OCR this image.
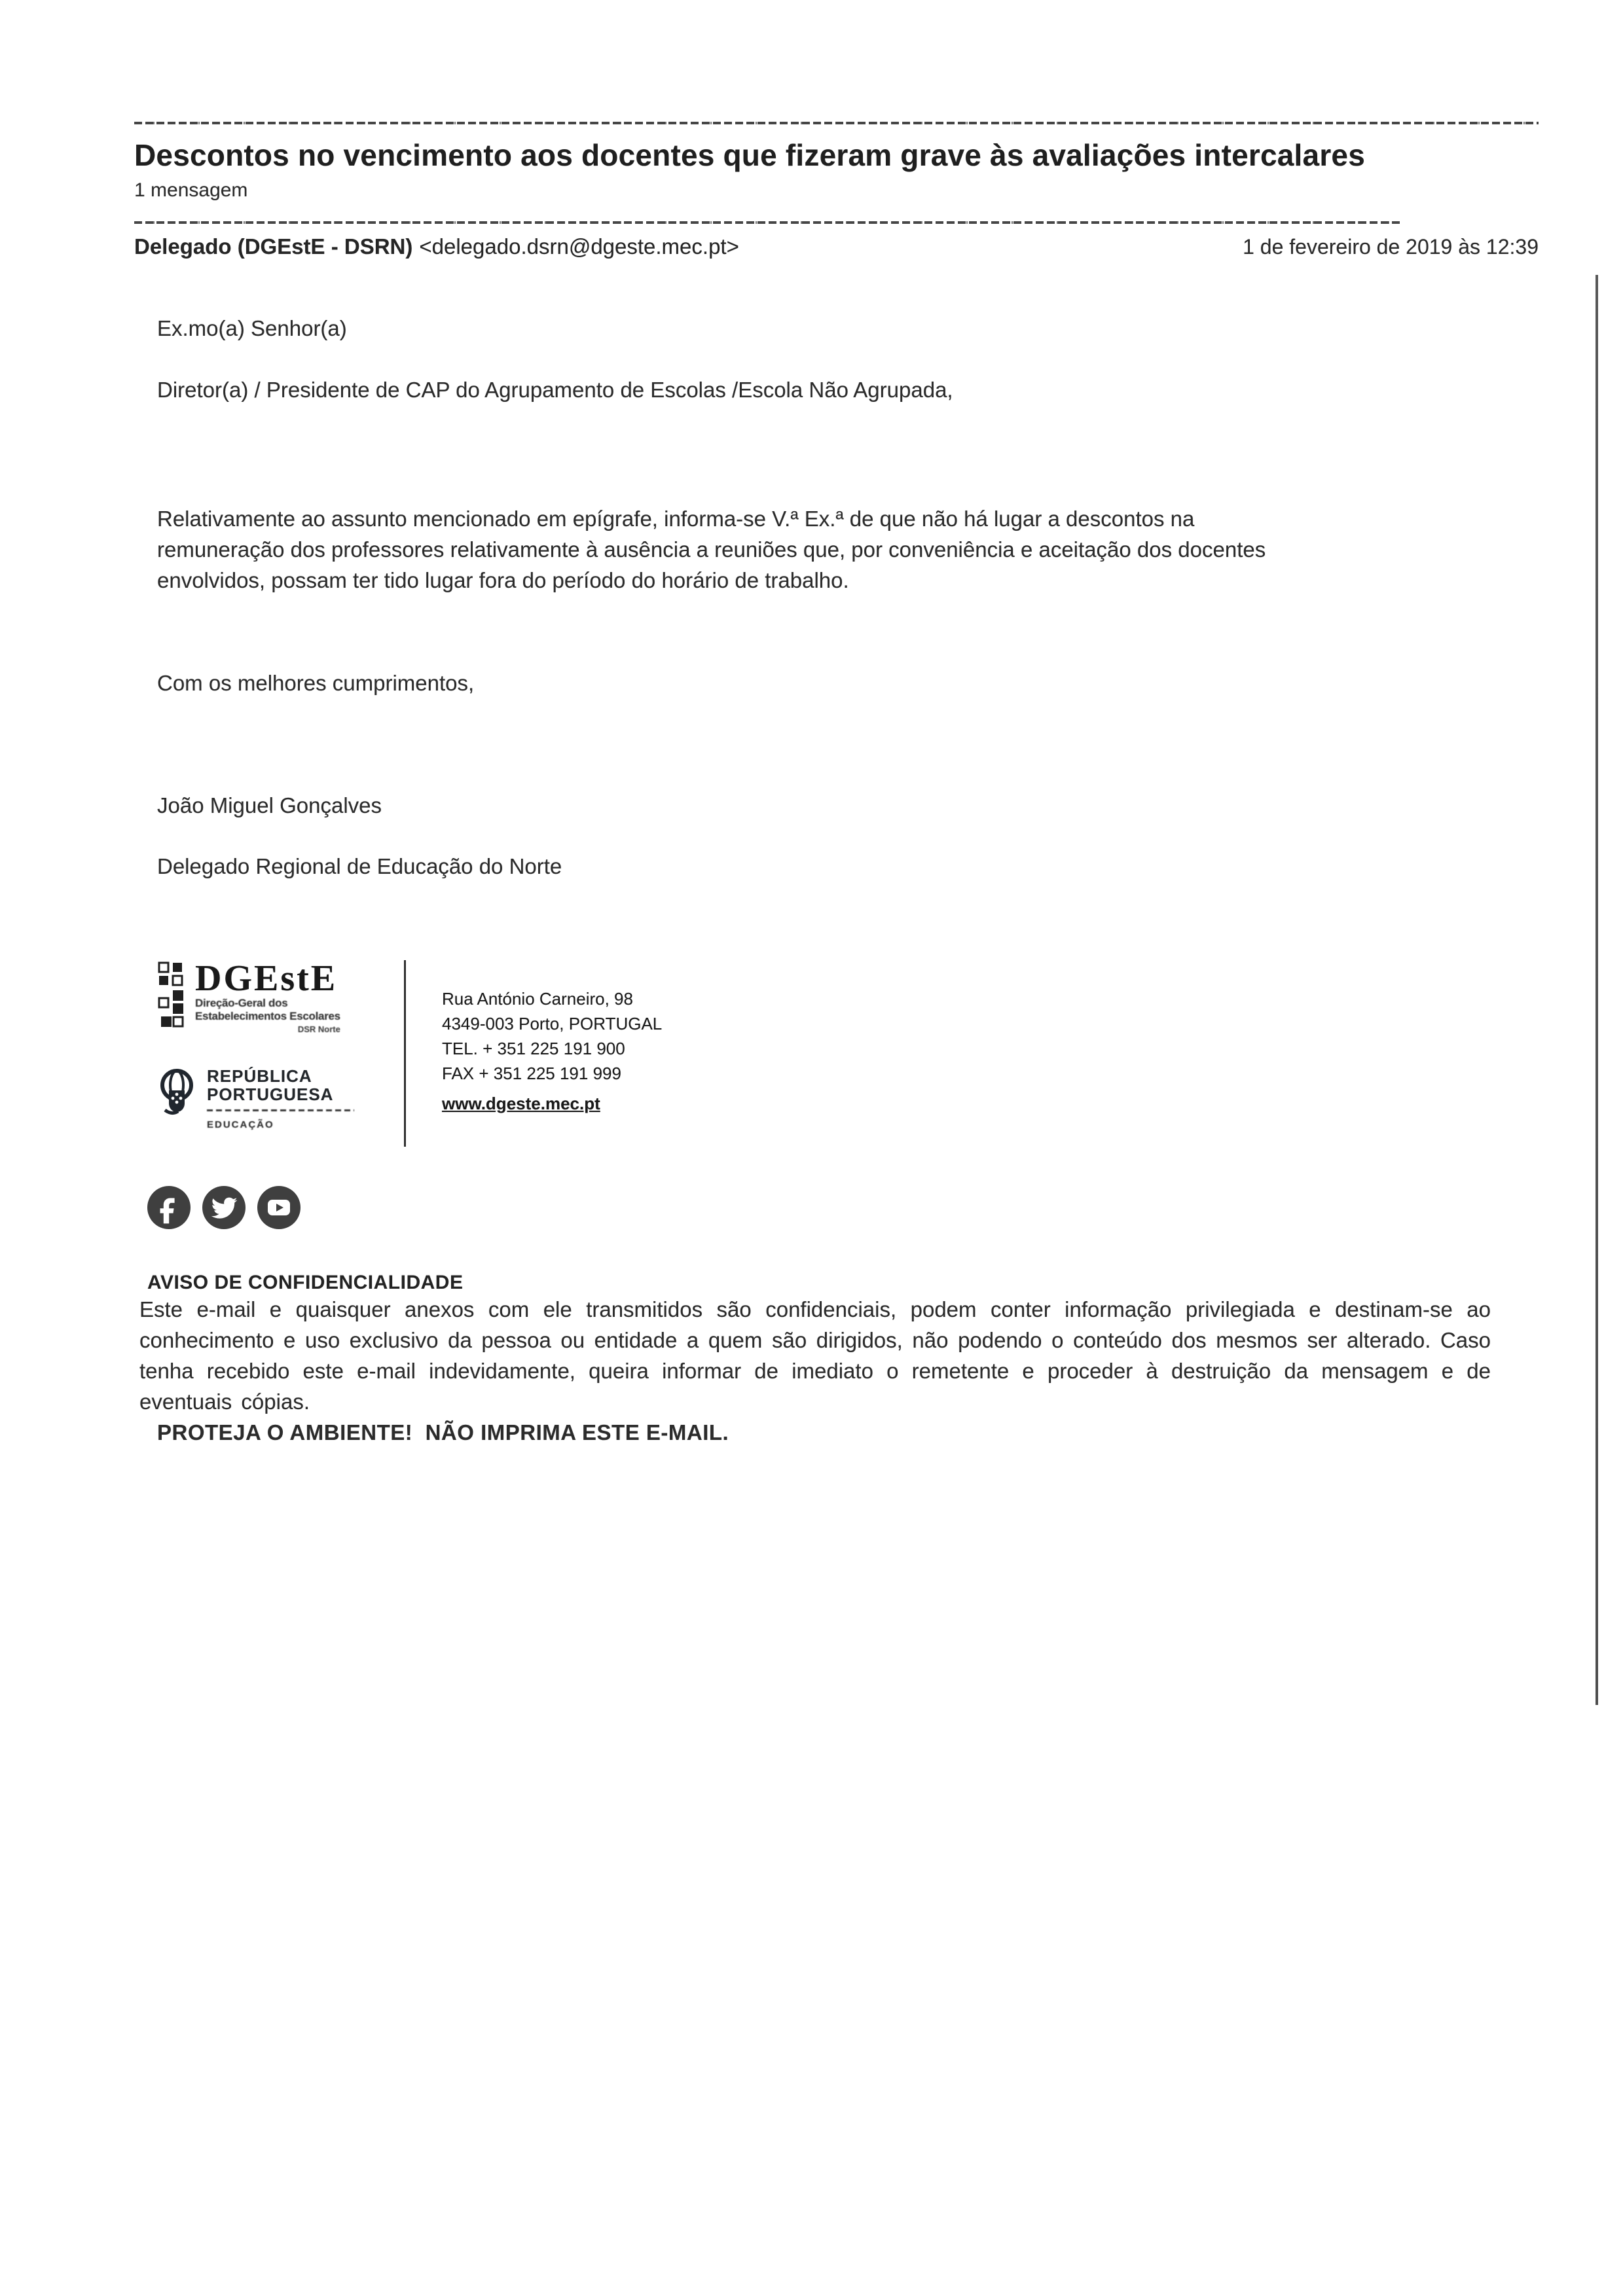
Descontos no vencimento aos docentes que fizeram grave às avaliações intercalares
1 mensagem
Delegado (DGEstE - DSRN) <delegado.dsrn@dgeste.mec.pt>	1 de fevereiro de 2019 às 12:39

Ex.mo(a) Senhor(a)

Diretor(a) / Presidente de CAP do Agrupamento de Escolas /Escola Não Agrupada,

Relativamente ao assunto mencionado em epígrafe, informa-se V.ª Ex.ª de que não há lugar a descontos na remuneração dos professores relativamente à ausência a reuniões que, por conveniência e aceitação dos docentes envolvidos, possam ter tido lugar fora do período do horário de trabalho.

Com os melhores cumprimentos,

João Miguel Gonçalves

Delegado Regional de Educação do Norte

DGEstE
Direção-Geral dos
Estabelecimentos Escolares
DSR Norte
REPÚBLICA
PORTUGUESA
EDUCAÇÃO
Rua António Carneiro, 98
4349-003 Porto, PORTUGAL
TEL. + 351 225 191 900
FAX + 351 225 191 999
www.dgeste.mec.pt
AVISO DE CONFIDENCIALIDADE

Este e-mail e quaisquer anexos com ele transmitidos são confidenciais, podem conter informação privilegiada e destinam-se ao conhecimento e uso exclusivo da pessoa ou entidade a quem são dirigidos, não podendo o conteúdo dos mesmos ser alterado. Caso tenha recebido este e-mail indevidamente, queira informar de imediato o remetente e proceder à destruição da mensagem e de eventuais cópias.

PROTEJA O AMBIENTE!  NÃO IMPRIMA ESTE E-MAIL.
